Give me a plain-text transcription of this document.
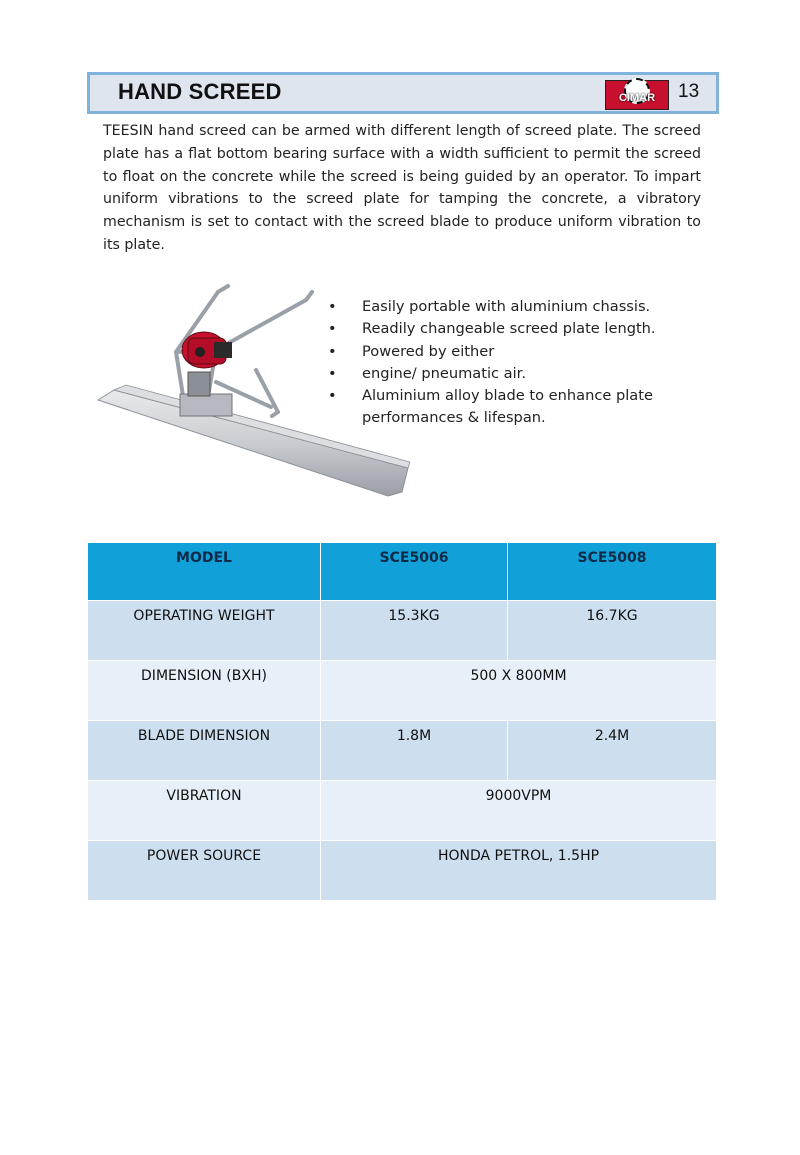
HAND SCREED	CIMAR	13

TEESIN hand screed can be armed with different length of screed plate. The screed plate has a flat bottom bearing surface with a width sufficient to permit the screed to float on the concrete while the screed is being guided by an operator. To impart uniform vibrations to the screed plate for tamping the concrete, a vibratory mechanism is set to contact with the screed blade to produce uniform vibration to its plate.

• Easily portable with aluminium chassis.
• Readily changeable screed plate length.
• Powered by either
• engine/ pneumatic air.
• Aluminium alloy blade to enhance plate performances & lifespan.
MODEL	SCE5006	SCE5008
OPERATING WEIGHT	15.3KG	16.7KG
DIMENSION (BXH)	500 X 800MM	
BLADE DIMENSION	1.8M	2.4M
VIBRATION	9000VPM	
POWER SOURCE	HONDA PETROL, 1.5HP	
